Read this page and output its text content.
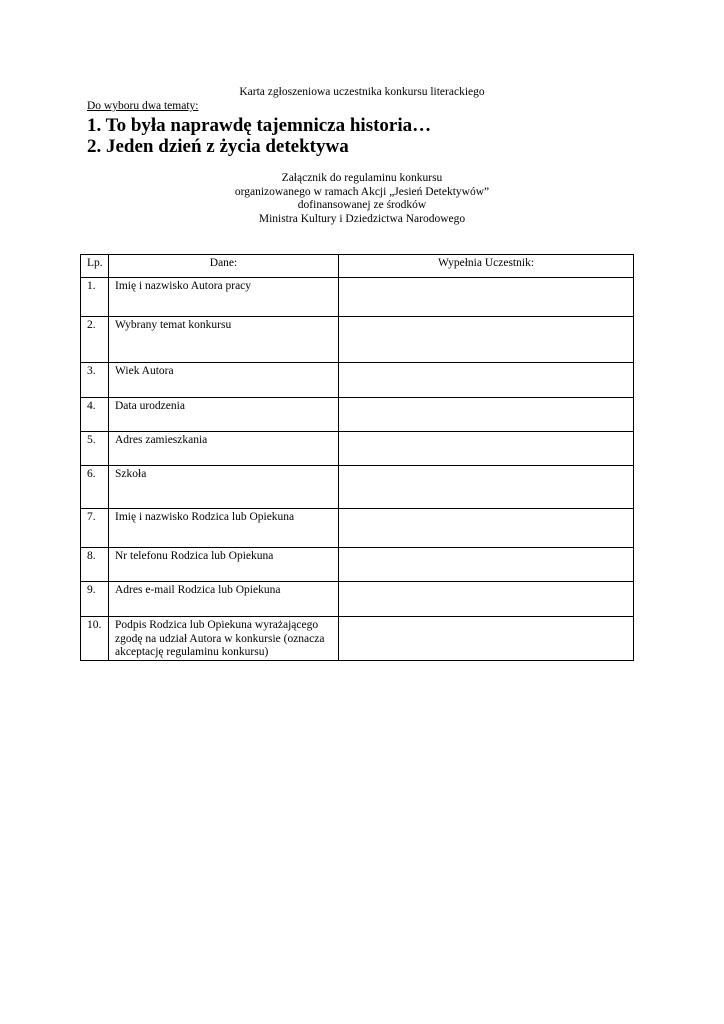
Karta zgłoszeniowa uczestnika konkursu literackiego
Do wyboru dwa tematy:
1. To była naprawdę tajemnicza historia…
2. Jeden dzień z życia detektywa
Załącznik do regulaminu konkursu
organizowanego w ramach Akcji „Jesień Detektywów”
dofinansowanej ze środków
Ministra Kultury i Dziedzictwa Narodowego
Lp.	Dane:	Wypełnia Uczestnik:
1.	Imię i nazwisko Autora pracy	
2.	Wybrany temat konkursu	
3.	Wiek Autora	
4.	Data urodzenia	
5.	Adres zamieszkania	
6.	Szkoła	
7.	Imię i nazwisko Rodzica lub Opiekuna	
8.	Nr telefonu Rodzica lub Opiekuna	
9.	Adres e-mail Rodzica lub Opiekuna	
10.	Podpis Rodzica lub Opiekuna wyrażającego zgodę na udział Autora w konkursie (oznacza akceptację regulaminu konkursu)	
